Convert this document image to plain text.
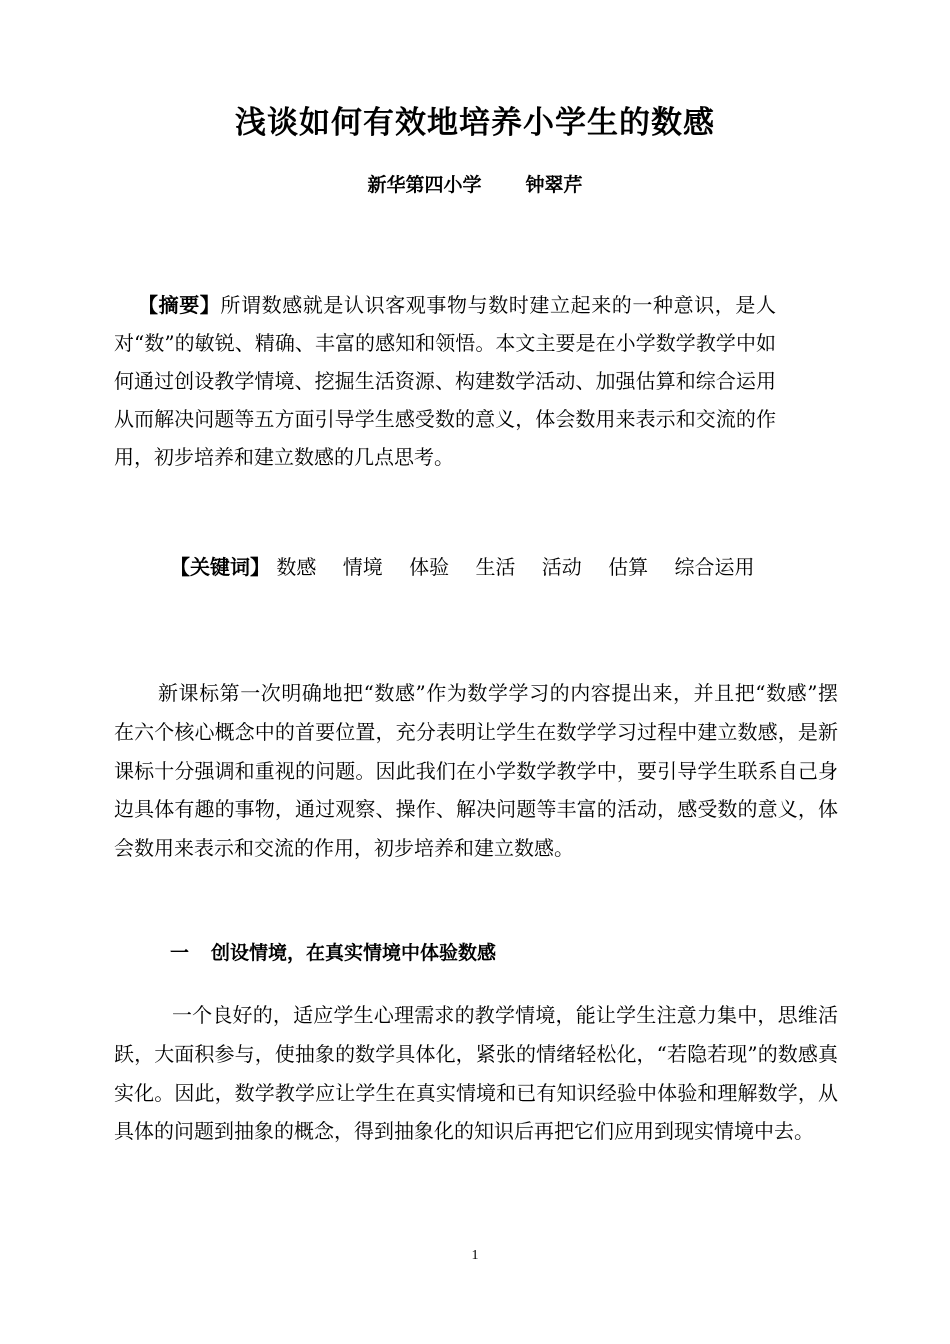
浅谈如何有效地培养小学生的数感
新华第四小学 钟翠芹

【摘要】所谓数感就是认识客观事物与数时建立起来的一种意识，是人对“数”的敏锐、精确、丰富的感知和领悟。本文主要是在小学数学教学中如何通过创设教学情境、挖掘生活资源、构建数学活动、加强估算和综合运用从而解决问题等五方面引导学生感受数的意义，体会数用来表示和交流的作用，初步培养和建立数感的几点思考。

【关键词】 数感 情境 体验 生活 活动 估算 综合运用

新课标第一次明确地把“数感”作为数学学习的内容提出来，并且把“数感”摆在六个核心概念中的首要位置，充分表明让学生在数学学习过程中建立数感，是新课标十分强调和重视的问题。因此我们在小学数学教学中，要引导学生联系自己身边具体有趣的事物，通过观察、操作、解决问题等丰富的活动，感受数的意义，体会数用来表示和交流的作用，初步培养和建立数感。

一 创设情境，在真实情境中体验数感

一个良好的，适应学生心理需求的教学情境，能让学生注意力集中，思维活跃，大面积参与，使抽象的数学具体化，紧张的情绪轻松化，“若隐若现”的数感真实化。因此，数学教学应让学生在真实情境和已有知识经验中体验和理解数学，从具体的问题到抽象的概念，得到抽象化的知识后再把它们应用到现实情境中去。

1
